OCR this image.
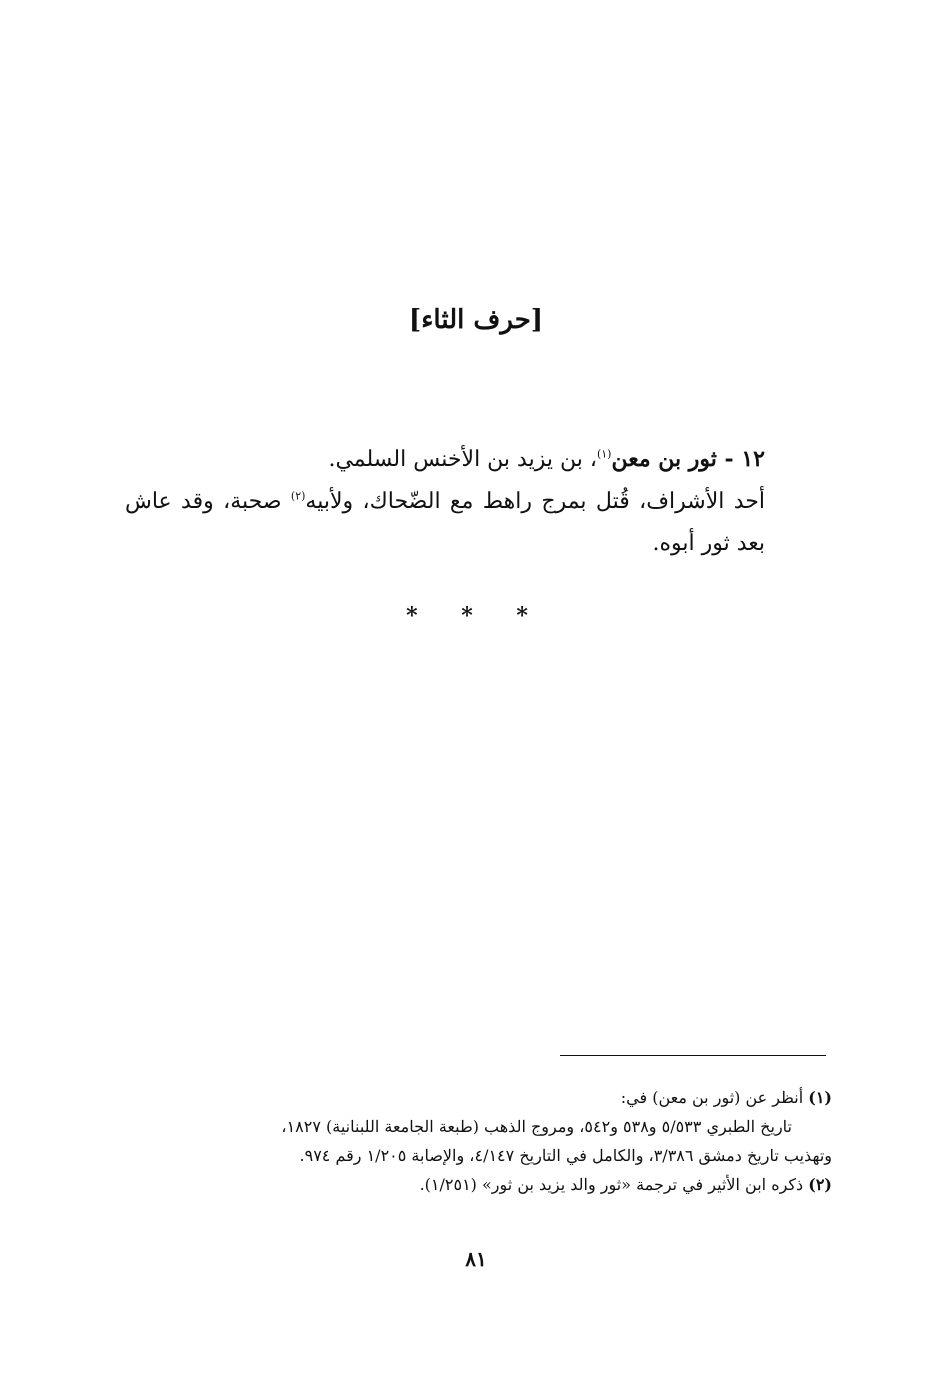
[حرف الثاء]

١٢ - ثور بن معن$^{(١)}$، بن يزيد بن الأخنس السلمي.

أحد الأشراف، قُتل بمرج راهط مع الضّحاك، ولأبيه$^{(٢)}$ صحبة، وقد عاش بعد ثور أبوه.

* * *

(١) أنظر عن (ثور بن معن) في:

تاريخ الطبري ٥/٥٣٣ و٥٣٨ و٥٤٢، ومروج الذهب (طبعة الجامعة اللبنانية) ١٨٢٧،

وتهذيب تاريخ دمشق ٣/٣٨٦، والكامل في التاريخ ٤/١٤٧، والإصابة ١/٢٠٥ رقم ٩٧٤.

(٢) ذكره ابن الأثير في ترجمة «ثور والد يزيد بن ثور» (١/٢٥١).

٨١
